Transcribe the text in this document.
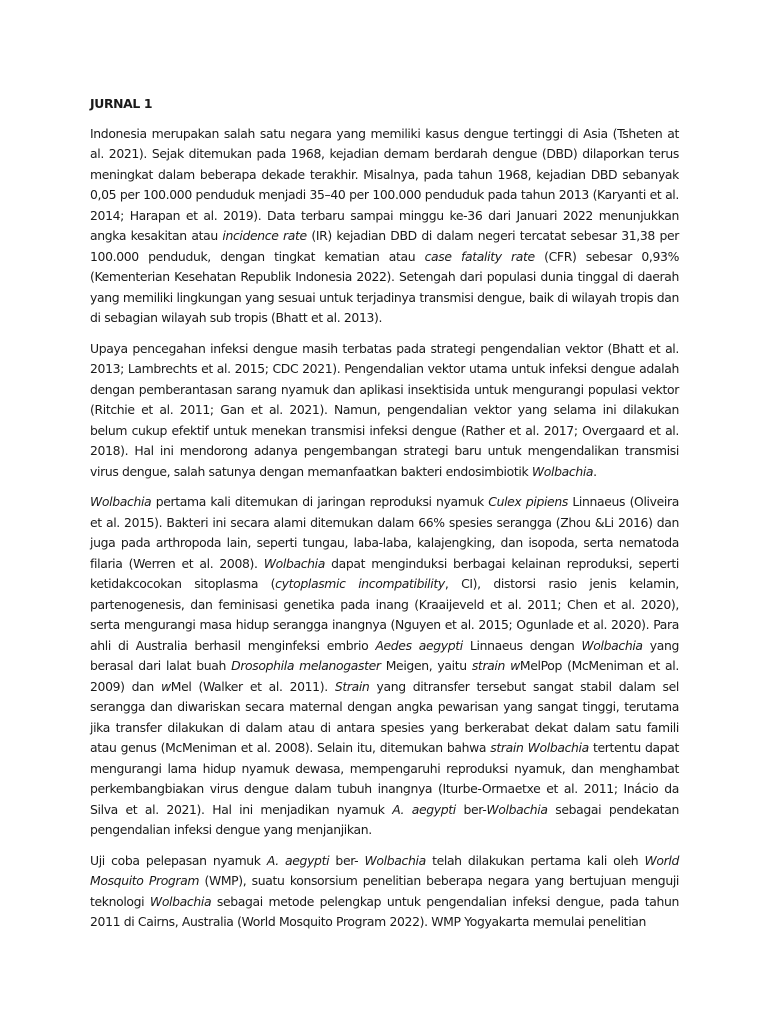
JURNAL 1

Indonesia merupakan salah satu negara yang memiliki kasus dengue tertinggi di Asia (Tsheten at al. 2021). Sejak ditemukan pada 1968, kejadian demam berdarah dengue (DBD) dilaporkan terus meningkat dalam beberapa dekade terakhir. Misalnya, pada tahun 1968, kejadian DBD sebanyak 0,05 per 100.000 penduduk menjadi 35–40 per 100.000 penduduk pada tahun 2013 (Karyanti et al. 2014; Harapan et al. 2019). Data terbaru sampai minggu ke-36 dari Januari 2022 menunjukkan angka kesakitan atau incidence rate (IR) kejadian DBD di dalam negeri tercatat sebesar 31,38 per 100.000 penduduk, dengan tingkat kematian atau case fatality rate (CFR) sebesar 0,93% (Kementerian Kesehatan Republik Indonesia 2022). Setengah dari populasi dunia tinggal di daerah yang memiliki lingkungan yang sesuai untuk terjadinya transmisi dengue, baik di wilayah tropis dan di sebagian wilayah sub tropis (Bhatt et al. 2013).

Upaya pencegahan infeksi dengue masih terbatas pada strategi pengendalian vektor (Bhatt et al. 2013; Lambrechts et al. 2015; CDC 2021). Pengendalian vektor utama untuk infeksi dengue adalah dengan pemberantasan sarang nyamuk dan aplikasi insektisida untuk mengurangi populasi vektor (Ritchie et al. 2011; Gan et al. 2021). Namun, pengendalian vektor yang selama ini dilakukan belum cukup efektif untuk menekan transmisi infeksi dengue (Rather et al. 2017; Overgaard et al. 2018). Hal ini mendorong adanya pengembangan strategi baru untuk mengendalikan transmisi virus dengue, salah satunya dengan memanfaatkan bakteri endosimbiotik Wolbachia.

Wolbachia pertama kali ditemukan di jaringan reproduksi nyamuk Culex pipiens Linnaeus (Oliveira et al. 2015). Bakteri ini secara alami ditemukan dalam 66% spesies serangga (Zhou &Li 2016) dan juga pada arthropoda lain, seperti tungau, laba-laba, kalajengking, dan isopoda, serta nematoda filaria (Werren et al. 2008). Wolbachia dapat menginduksi berbagai kelainan reproduksi, seperti ketidakcocokan sitoplasma (cytoplasmic incompatibility, CI), distorsi rasio jenis kelamin, partenogenesis, dan feminisasi genetika pada inang (Kraaijeveld et al. 2011; Chen et al. 2020), serta mengurangi masa hidup serangga inangnya (Nguyen et al. 2015; Ogunlade et al. 2020). Para ahli di Australia berhasil menginfeksi embrio Aedes aegypti Linnaeus dengan Wolbachia yang berasal dari lalat buah Drosophila melanogaster Meigen, yaitu strain wMelPop (McMeniman et al. 2009) dan wMel (Walker et al. 2011). Strain yang ditransfer tersebut sangat stabil dalam sel serangga dan diwariskan secara maternal dengan angka pewarisan yang sangat tinggi, terutama jika transfer dilakukan di dalam atau di antara spesies yang berkerabat dekat dalam satu famili atau genus (McMeniman et al. 2008). Selain itu, ditemukan bahwa strain Wolbachia tertentu dapat mengurangi lama hidup nyamuk dewasa, mempengaruhi reproduksi nyamuk, dan menghambat perkembangbiakan virus dengue dalam tubuh inangnya (Iturbe-Ormaetxe et al. 2011; Inácio da Silva et al. 2021). Hal ini menjadikan nyamuk A. aegypti ber-Wolbachia sebagai pendekatan pengendalian infeksi dengue yang menjanjikan.

Uji coba pelepasan nyamuk A. aegypti ber- Wolbachia telah dilakukan pertama kali oleh World Mosquito Program (WMP), suatu konsorsium penelitian beberapa negara yang bertujuan menguji teknologi Wolbachia sebagai metode pelengkap untuk pengendalian infeksi dengue, pada tahun 2011 di Cairns, Australia (World Mosquito Program 2022). WMP Yogyakarta memulai penelitian
